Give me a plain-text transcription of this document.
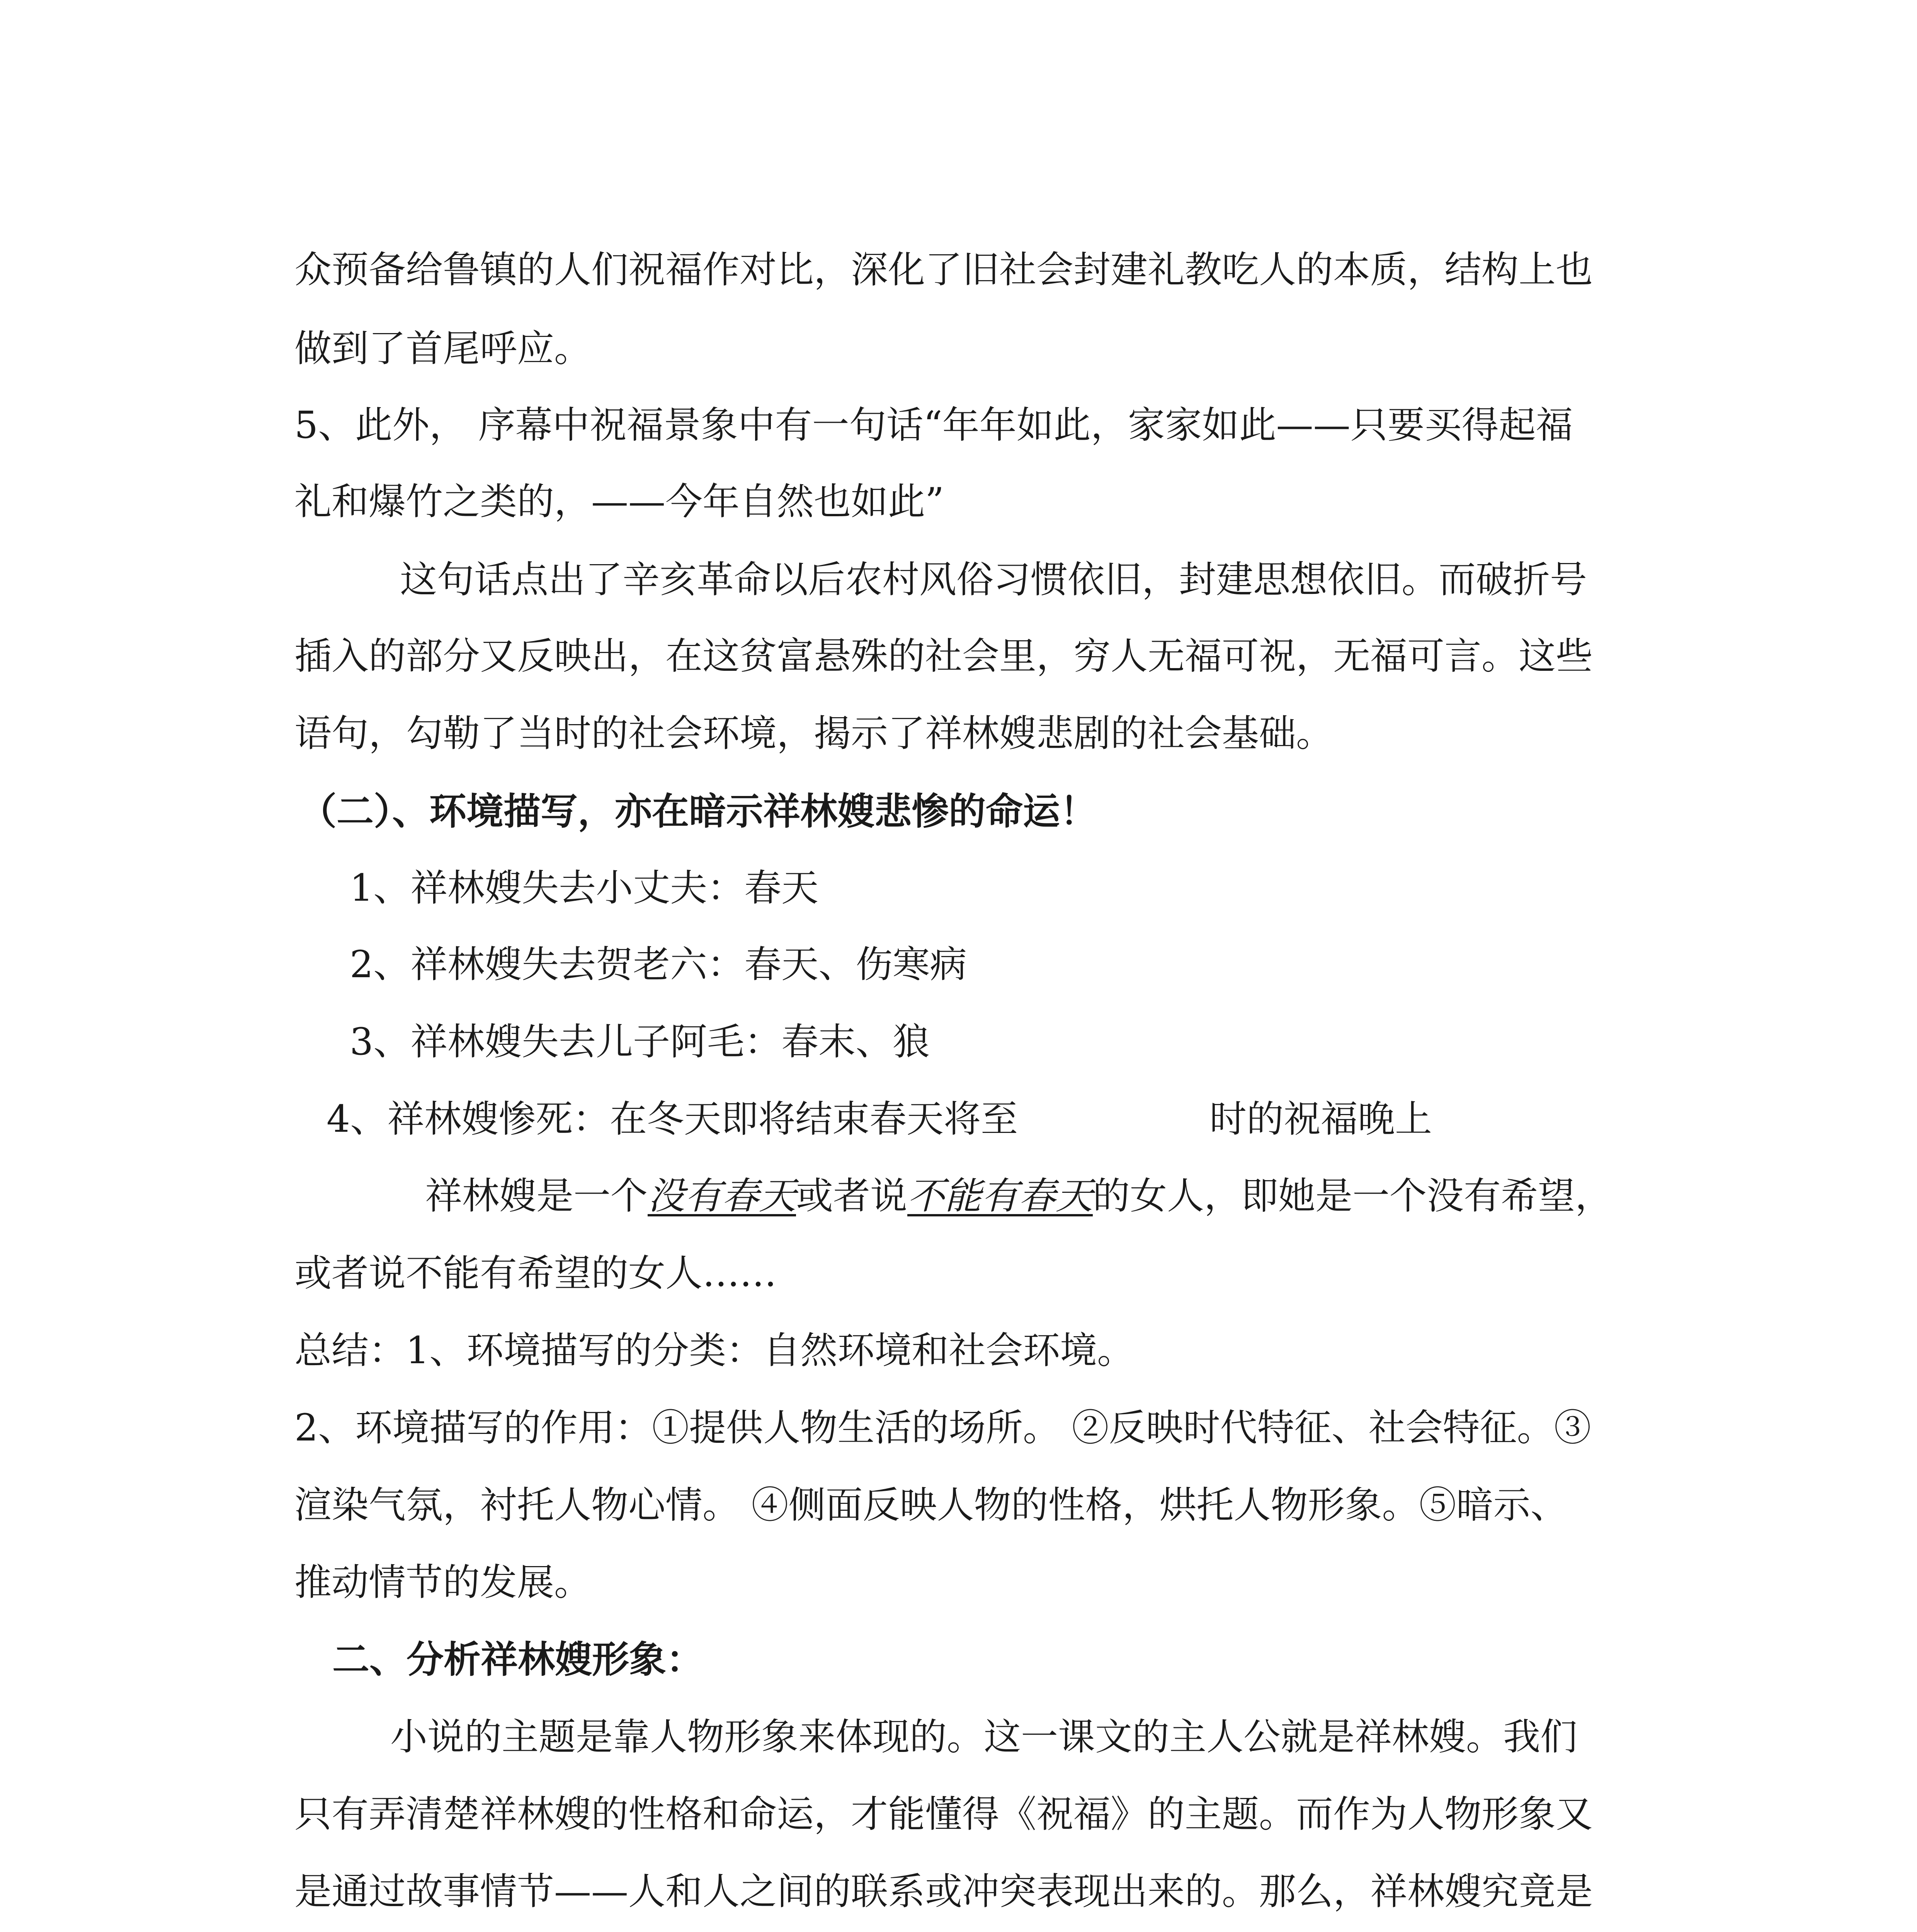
众预备给鲁镇的人们祝福作对比，深化了旧社会封建礼教吃人的本质，结构上也

做到了首尾呼应。

5、此外， 序幕中祝福景象中有一句话“年年如此，家家如此——只要买得起福

礼和爆竹之类的，——今年自然也如此”

这句话点出了辛亥革命以后农村风俗习惯依旧，封建思想依旧。而破折号

插入的部分又反映出，在这贫富悬殊的社会里，穷人无福可祝，无福可言。这些

语句，勾勒了当时的社会环境，揭示了祥林嫂悲剧的社会基础。

（二）、环境描写，亦在暗示祥林嫂悲惨的命运！

1、祥林嫂失去小丈夫：春天

2、祥林嫂失去贺老六：春天、伤寒病

3、祥林嫂失去儿子阿毛：春末、狼

4、祥林嫂惨死：在冬天即将结束春天将至	时的祝福晚上

祥林嫂是一个没有春天或者说不能有春天的女人，即她是一个没有希望，

或者说不能有希望的女人……

总结：1、环境描写的分类：自然环境和社会环境。

2、环境描写的作用：①提供人物生活的场所。 ②反映时代特征、社会特征。③

渲染气氛，衬托人物心情。 ④侧面反映人物的性格，烘托人物形象。⑤暗示、

推动情节的发展。

二、分析祥林嫂形象：

小说的主题是靠人物形象来体现的。这一课文的主人公就是祥林嫂。我们

只有弄清楚祥林嫂的性格和命运，才能懂得《祝福》的主题。而作为人物形象又

是通过故事情节——人和人之间的联系或冲突表现出来的。那么，祥林嫂究竟是
